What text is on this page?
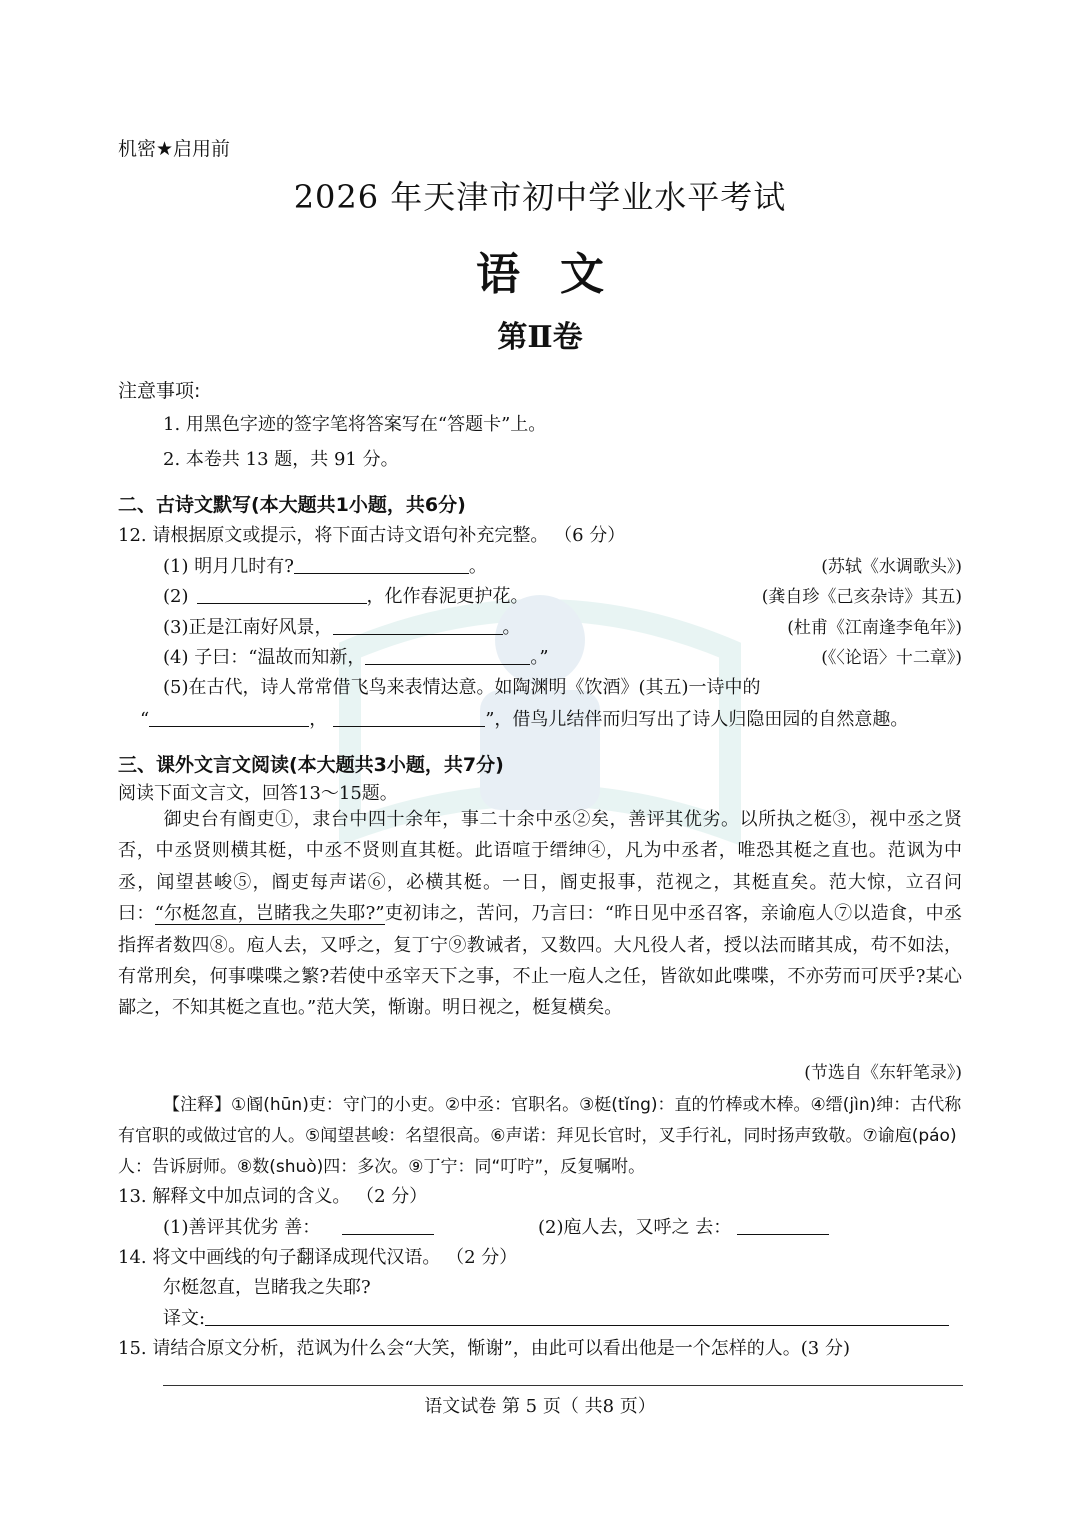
机密★启用前
2026 年天津市初中学业水平考试
语文
第Ⅱ卷
注意事项:
1. 用黑色字迹的签字笔将答案写在“答题卡”上。
2. 本卷共 13 题，共 91 分。
二、古诗文默写(本大题共1小题，共6分)
12. 请根据原文或提示，将下面古诗文语句补充完整。 （6 分）
(1) 明月几时有?	。	(苏轼《水调歌头》)
(2)	，化作春泥更护花。	(龚自珍《己亥杂诗》其五)
(3)正是江南好风景，	。	(杜甫《江南逢李龟年》)
(4) 子曰：“温故而知新，	。”	(《〈论语〉十二章》)
(5)在古代，诗人常常借飞鸟来表情达意。如陶渊明《饮酒》(其五)一诗中的
“	，	”，借鸟儿结伴而归写出了诗人归隐田园的自然意趣。
三、课外文言文阅读(本大题共3小题，共7分)
阅读下面文言文，回答13～15题。
御史台有阍吏①，隶台中四十余年，事二十余中丞②矣，善评其优劣。以所执之梃③，视中丞之贤否，中丞贤则横其梃，中丞不贤则直其梃。此语喧于缙绅④，凡为中丞者，唯恐其梃之直也。范讽为中丞，闻望甚峻⑤，阍吏每声诺⑥，必横其梃。一日，阍吏报事，范视之，其梃直矣。范大惊，立召问曰：“尔梃忽直，岂睹我之失耶?”吏初讳之，苦问，乃言曰：“昨日见中丞召客，亲谕庖人⑦以造食，中丞指挥者数四⑧。庖人去，又呼之，复丁宁⑨教诫者，又数四。大凡役人者，授以法而睹其成，苟不如法，有常刑矣，何事喋喋之繁?若使中丞宰天下之事，不止一庖人之任，皆欲如此喋喋，不亦劳而可厌乎?某心鄙之，不知其梃之直也。”范大笑，惭谢。明日视之，梃复横矣。
(节选自《东轩笔录》)
【注释】①阍(hūn)吏：守门的小吏。②中丞：官职名。③梃(tǐng)：直的竹棒或木棒。④缙(jìn)绅：古代称有官职的或做过官的人。⑤闻望甚峻：名望很高。⑥声诺：拜见长官时，叉手行礼，同时扬声致敬。⑦谕庖(páo)人：告诉厨师。⑧数(shuò)四：多次。⑨丁宁：同“叮咛”，反复嘱咐。
13. 解释文中加点词的含义。 （2 分）
(1)善评其优劣 善：	(2)庖人去，又呼之 去：
14. 将文中画线的句子翻译成现代汉语。 （2 分）
尔梃忽直，岂睹我之失耶?
译文:
15. 请结合原文分析，范讽为什么会“大笑，惭谢”，由此可以看出他是一个怎样的人。(3 分)
语文试卷 第 5 页（ 共8 页）
